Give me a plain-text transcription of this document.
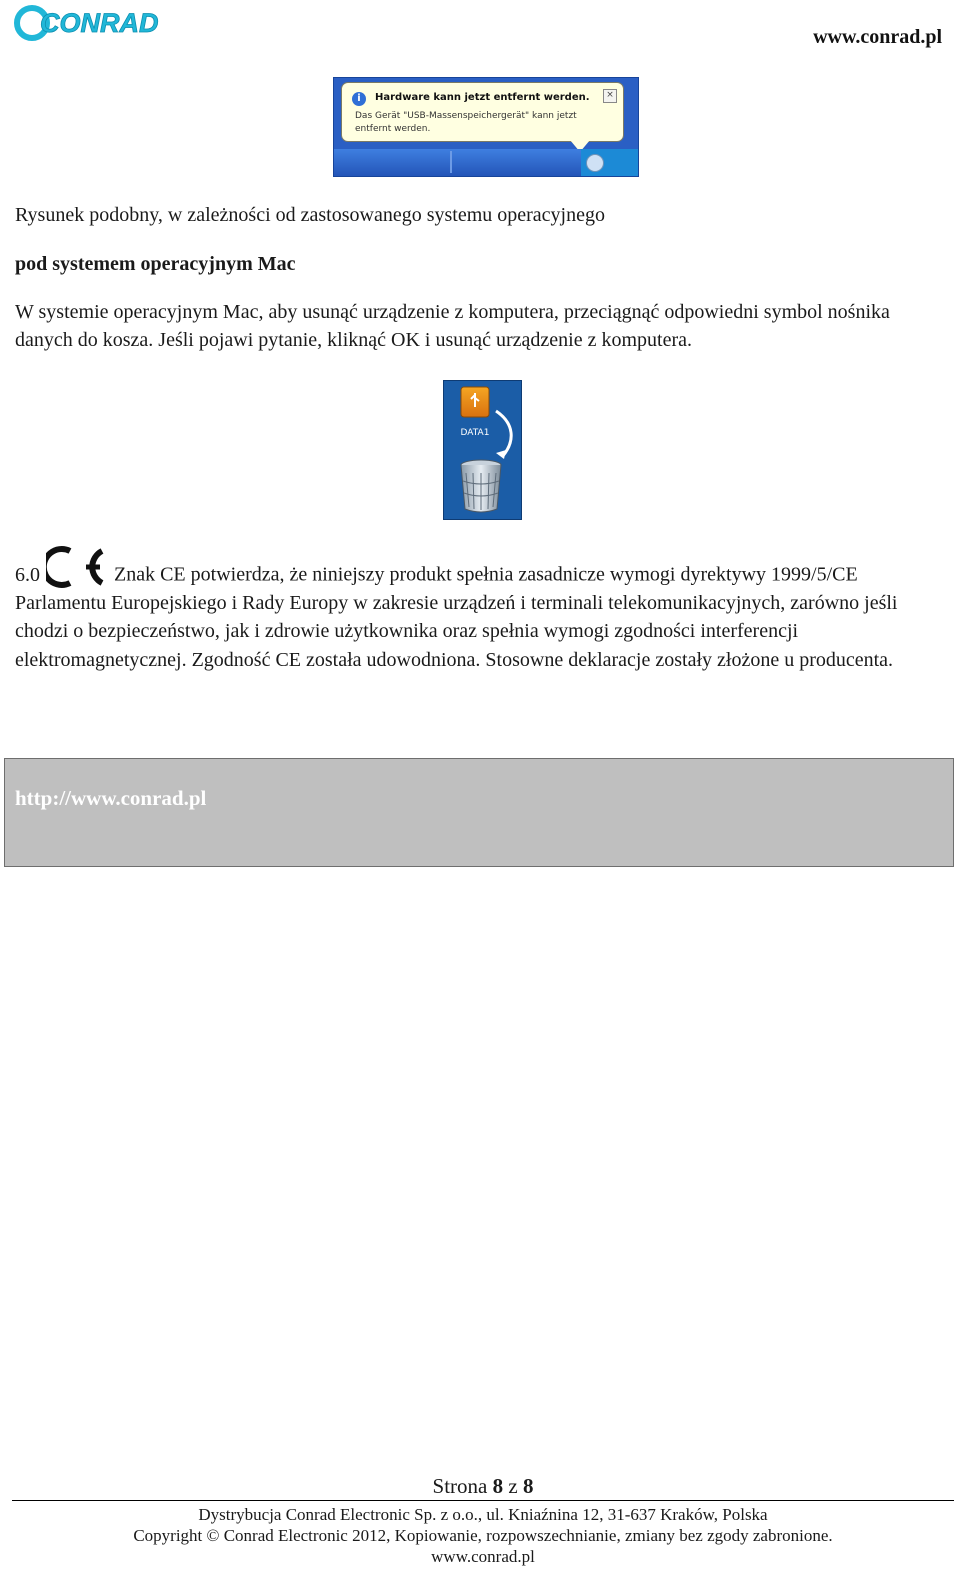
CONRAD	www.conrad.pl
i	Hardware kann jetzt entfernt werden.	×
Das Gerät "USB-Massenspeichergerät" kann jetzt entfernt werden.
Rysunek podobny, w zależności od zastosowanego systemu operacyjnego
pod systemem operacyjnym Mac
W systemie operacyjnym Mac, aby usunąć urządzenie z komputera, przeciągnąć odpowiedni symbol nośnika danych do kosza. Jeśli pojawi pytanie, kliknąć OK i usunąć urządzenie z komputera.
DATA1
6.0	Znak CE potwierdza, że niniejszy produkt spełnia zasadnicze wymogi dyrektywy 1999/5/CE Parlamentu Europejskiego i Rady Europy w zakresie urządzeń i terminali telekomunikacyjnych, zarówno jeśli chodzi o bezpieczeństwo, jak i zdrowie użytkownika oraz spełnia wymogi zgodności interferencji elektromagnetycznej. Zgodność CE została udowodniona. Stosowne deklaracje zostały złożone u producenta.
http://www.conrad.pl
Strona 8 z 8
Dystrybucja Conrad Electronic Sp. z o.o., ul. Kniaźnina 12, 31-637 Kraków, Polska
Copyright © Conrad Electronic 2012, Kopiowanie, rozpowszechnianie, zmiany bez zgody zabronione.
www.conrad.pl
